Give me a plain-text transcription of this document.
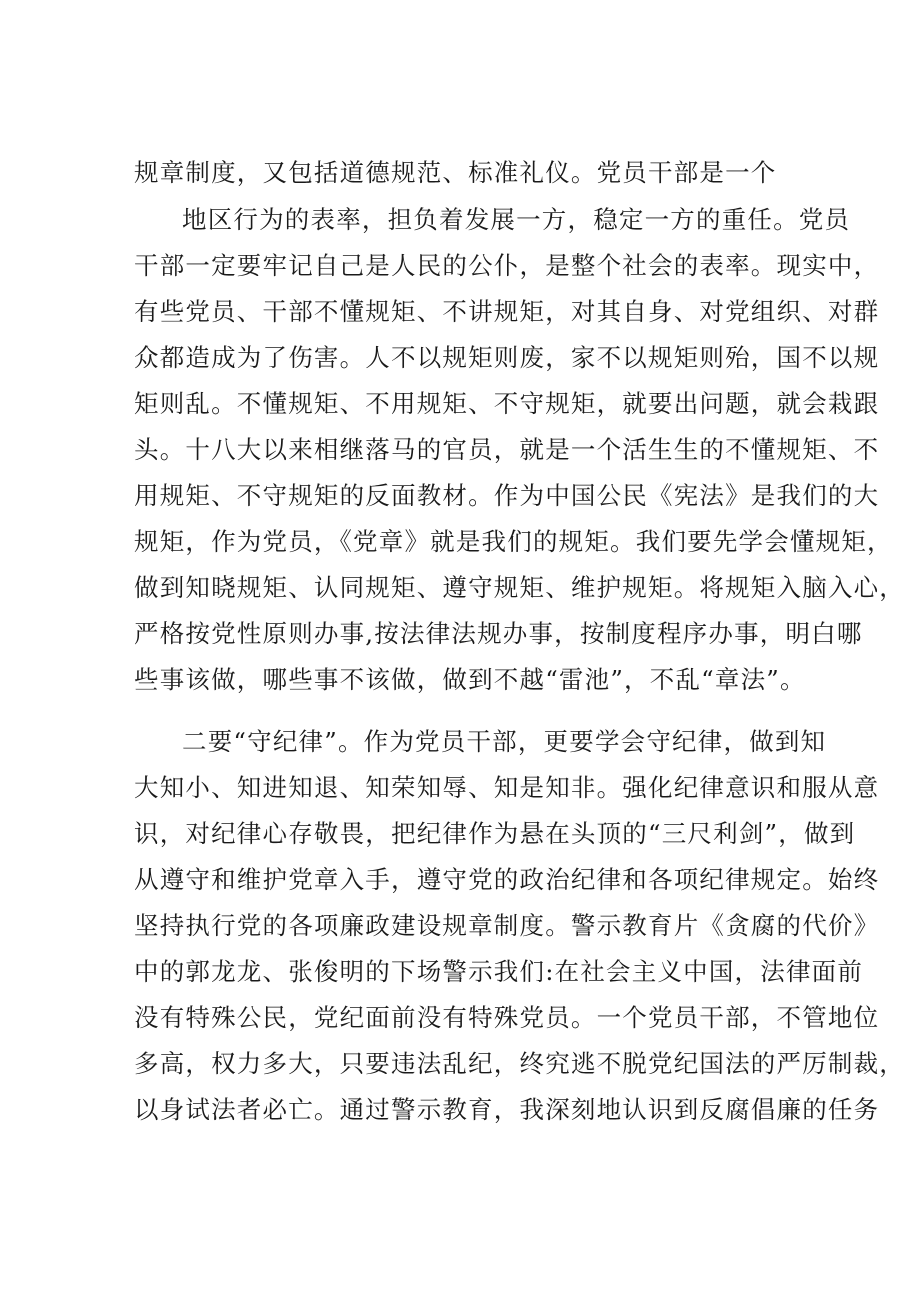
规章制度，又包括道德规范、标准礼仪。党员干部是一个
地区行为的表率，担负着发展一方，稳定一方的重任。党员
干部一定要牢记自己是人民的公仆，是整个社会的表率。现实中，
有些党员、干部不懂规矩、不讲规矩，对其自身、对党组织、对群
众都造成为了伤害。人不以规矩则废，家不以规矩则殆，国不以规
矩则乱。不懂规矩、不用规矩、不守规矩，就要出问题，就会栽跟
头。十八大以来相继落马的官员，就是一个活生生的不懂规矩、不
用规矩、不守规矩的反面教材。作为中国公民《宪法》是我们的大
规矩，作为党员，《党章》就是我们的规矩。我们要先学会懂规矩，
做到知晓规矩、认同规矩、遵守规矩、维护规矩。将规矩入脑入心，
严格按党性原则办事,按法律法规办事，按制度程序办事，明白哪
些事该做，哪些事不该做，做到不越“雷池”，不乱“章法”。
二要“守纪律”。作为党员干部，更要学会守纪律，做到知
大知小、知进知退、知荣知辱、知是知非。强化纪律意识和服从意
识，对纪律心存敬畏，把纪律作为悬在头顶的“三尺利剑”，做到
从遵守和维护党章入手，遵守党的政治纪律和各项纪律规定。始终
坚持执行党的各项廉政建设规章制度。警示教育片《贪腐的代价》
中的郭龙龙、张俊明的下场警示我们:在社会主义中国，法律面前
没有特殊公民，党纪面前没有特殊党员。一个党员干部，不管地位
多高，权力多大，只要违法乱纪，终究逃不脱党纪国法的严厉制裁，
以身试法者必亡。通过警示教育，我深刻地认识到反腐倡廉的任务
